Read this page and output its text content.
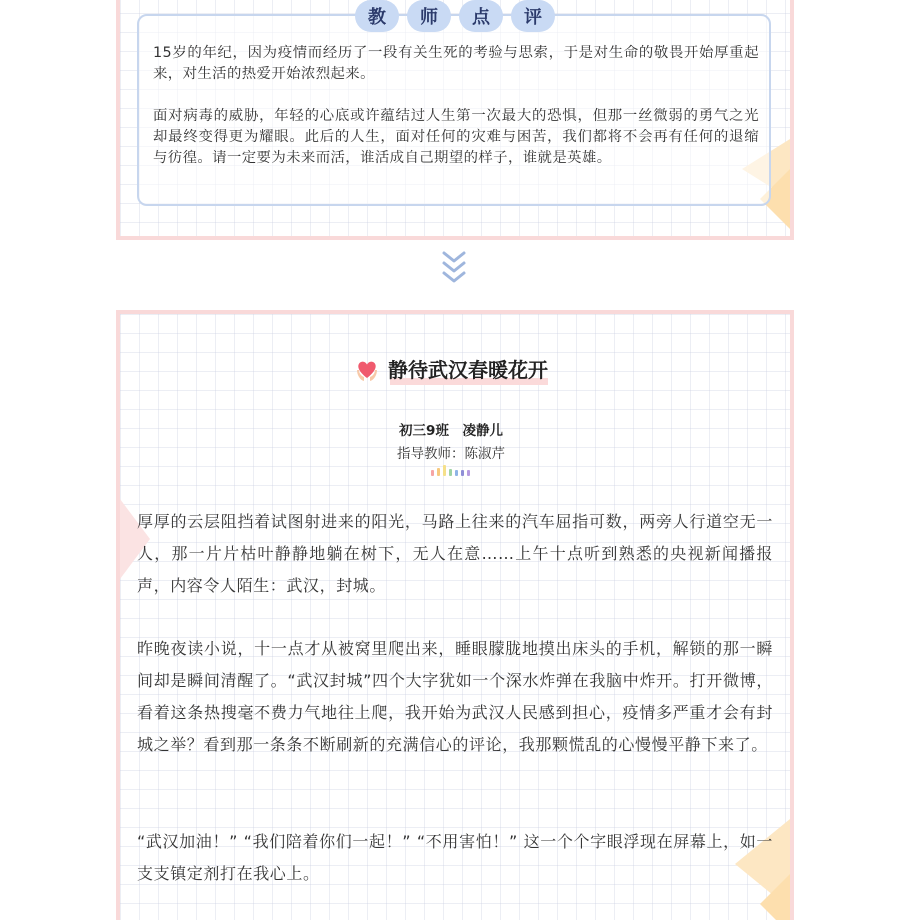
教	师	点	评
15岁的年纪，因为疫情而经历了一段有关生死的考验与思索，于是对生命的敬畏开始厚重起来，对生活的热爱开始浓烈起来。
面对病毒的威胁，年轻的心底或许蕴结过人生第一次最大的恐惧，但那一丝微弱的勇气之光却最终变得更为耀眼。此后的人生，面对任何的灾难与困苦，我们都将不会再有任何的退缩与彷徨。请一定要为未来而活，谁活成自己期望的样子，谁就是英雄。
静待武汉春暖花开
初三9班　凌静儿
指导教师：陈淑芹
厚厚的云层阻挡着试图射进来的阳光，马路上往来的汽车屈指可数，两旁人行道空无一人，那一片片枯叶静静地躺在树下，无人在意……上午十点听到熟悉的央视新闻播报声，内容令人陌生：武汉，封城。
昨晚夜读小说，十一点才从被窝里爬出来，睡眼朦胧地摸出床头的手机，解锁的那一瞬间却是瞬间清醒了。“武汉封城”四个大字犹如一个深水炸弹在我脑中炸开。打开微博，看着这条热搜毫不费力气地往上爬，我开始为武汉人民感到担心，疫情多严重才会有封城之举？看到那一条条不断刷新的充满信心的评论，我那颗慌乱的心慢慢平静下来了。
“武汉加油！” “我们陪着你们一起！” “不用害怕！” 这一个个字眼浮现在屏幕上，如一支支镇定剂打在我心上。
